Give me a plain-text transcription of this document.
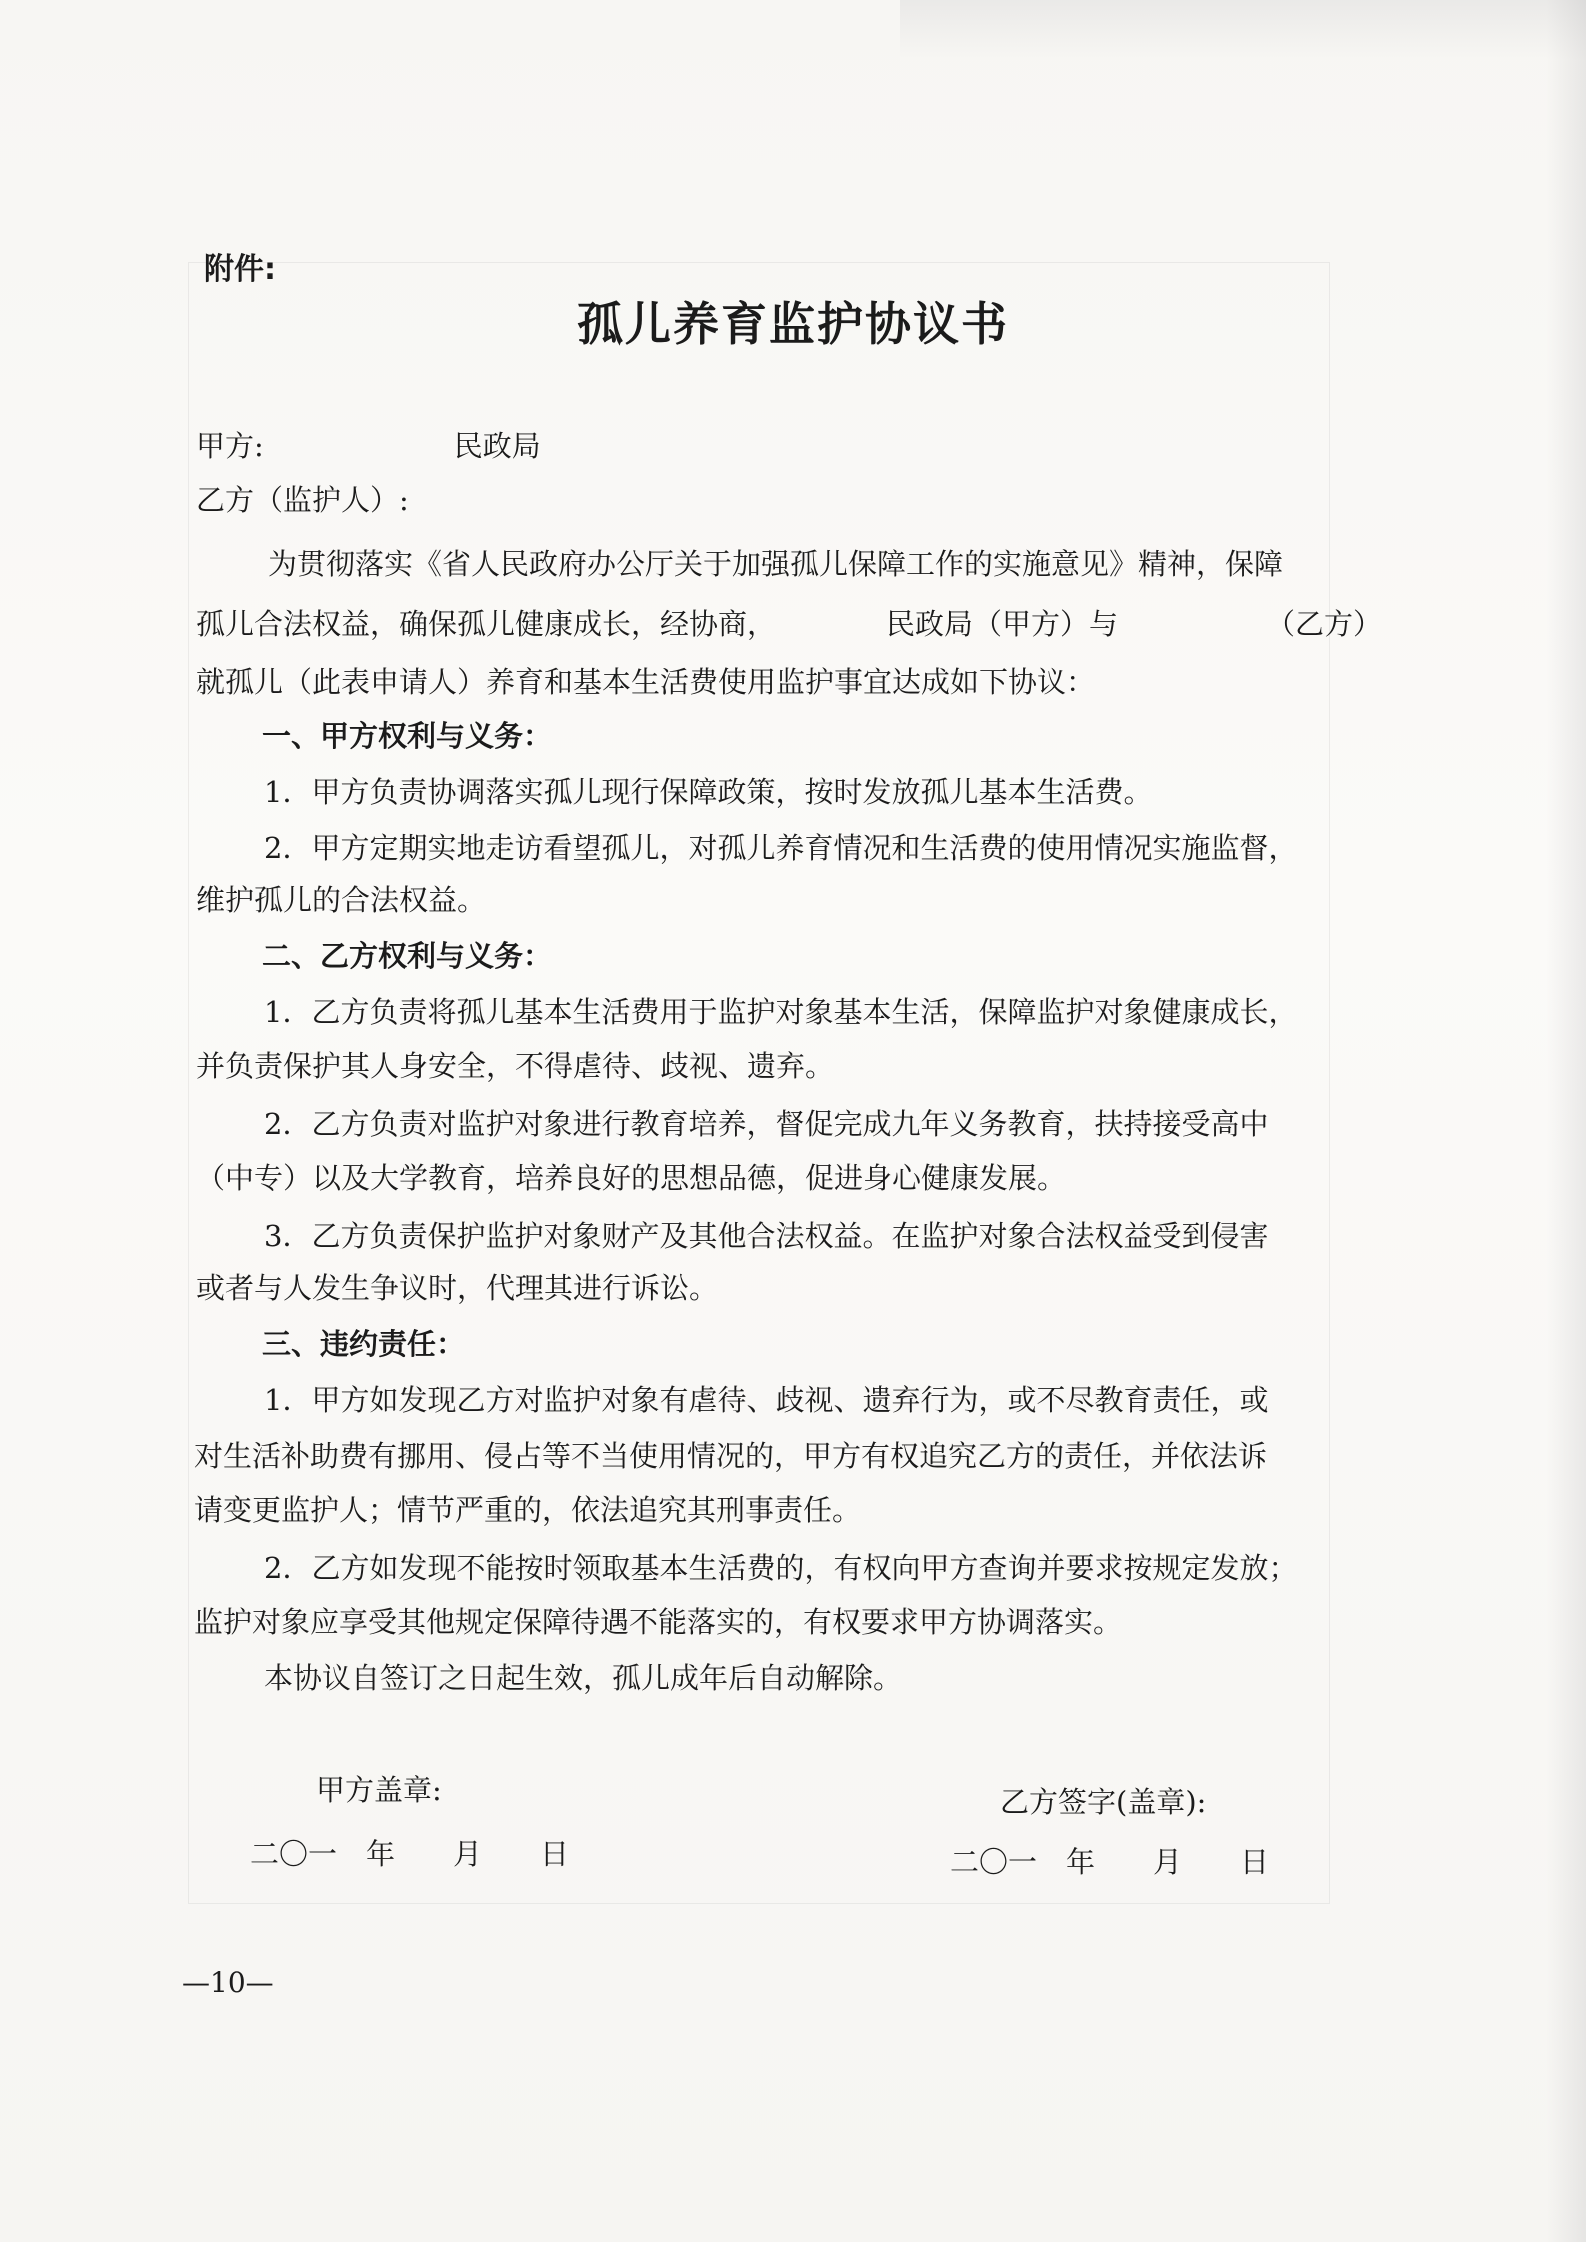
附件:
孤儿养育监护协议书
甲方:	民政局
乙方（监护人）:
为贯彻落实《省人民政府办公厅关于加强孤儿保障工作的实施意见》精神，保障
孤儿合法权益，确保孤儿健康成长，经协商，	民政局（甲方）与	（乙方）
就孤儿（此表申请人）养育和基本生活费使用监护事宜达成如下协议：
一、甲方权利与义务：
1．甲方负责协调落实孤儿现行保障政策，按时发放孤儿基本生活费。
2．甲方定期实地走访看望孤儿，对孤儿养育情况和生活费的使用情况实施监督，
维护孤儿的合法权益。
二、乙方权利与义务：
1．乙方负责将孤儿基本生活费用于监护对象基本生活，保障监护对象健康成长，
并负责保护其人身安全，不得虐待、歧视、遗弃。
2．乙方负责对监护对象进行教育培养，督促完成九年义务教育，扶持接受高中
（中专）以及大学教育，培养良好的思想品德，促进身心健康发展。
3．乙方负责保护监护对象财产及其他合法权益。在监护对象合法权益受到侵害
或者与人发生争议时，代理其进行诉讼。
三、违约责任：
1．甲方如发现乙方对监护对象有虐待、歧视、遗弃行为，或不尽教育责任，或
对生活补助费有挪用、侵占等不当使用情况的，甲方有权追究乙方的责任，并依法诉
请变更监护人；情节严重的，依法追究其刑事责任。
2．乙方如发现不能按时领取基本生活费的，有权向甲方查询并要求按规定发放；
监护对象应享受其他规定保障待遇不能落实的，有权要求甲方协调落实。
本协议自签订之日起生效，孤儿成年后自动解除。
甲方盖章:	乙方签字(盖章):
二〇一　年　　月　　日	二〇一　年　　月　　日
—10—
